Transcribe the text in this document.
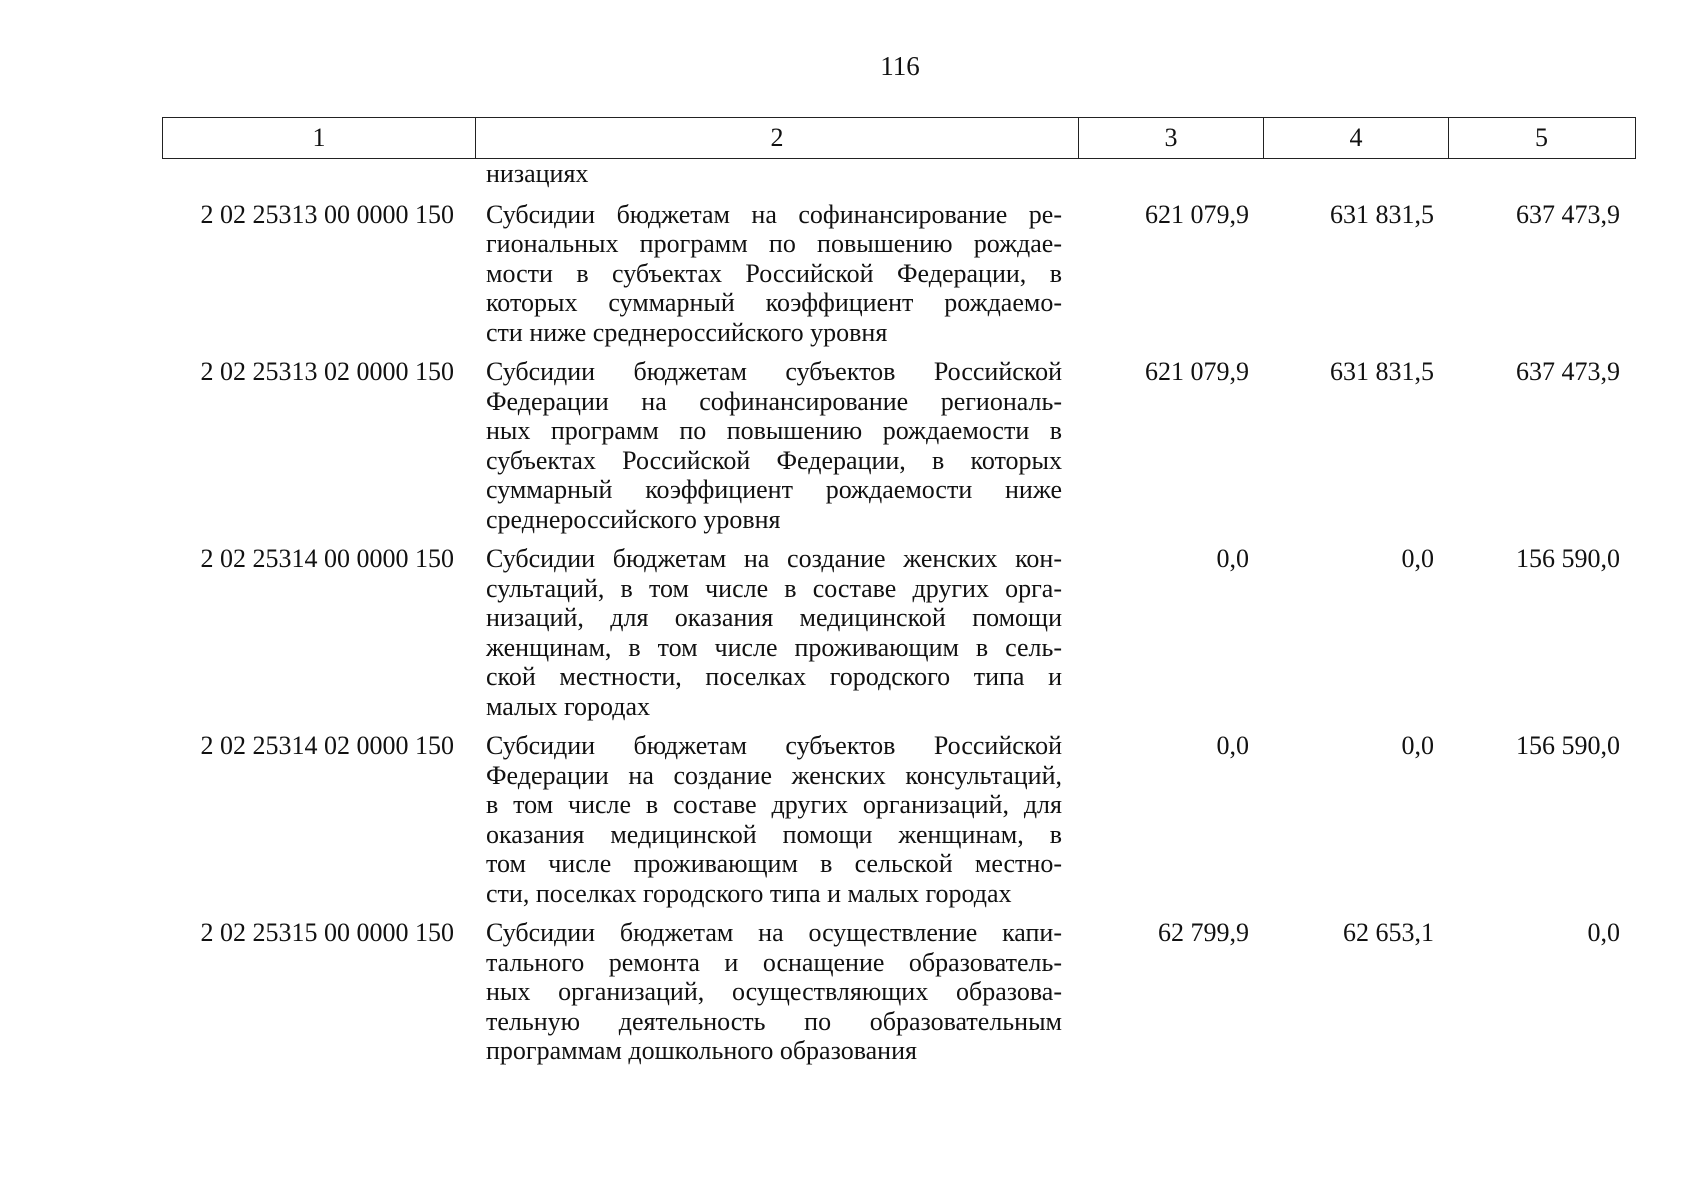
116
1	2	3	4	5
низациях
2 02 25313 00 0000 150	Субсидии бюджетам на софинансирование ре-
гиональных программ по повышению рождае-
мости в субъектах Российской Федерации, в
которых суммарный коэффициент рождаемо-
сти ниже среднероссийского уровня
621 079,9	631 831,5	637 473,9
2 02 25313 02 0000 150	Субсидии бюджетам субъектов Российской
Федерации на софинансирование региональ-
ных программ по повышению рождаемости в
субъектах Российской Федерации, в которых
суммарный коэффициент рождаемости ниже
среднероссийского уровня
621 079,9	631 831,5	637 473,9
2 02 25314 00 0000 150	Субсидии бюджетам на создание женских кон-
сультаций, в том числе в составе других орга-
низаций, для оказания медицинской помощи
женщинам, в том числе проживающим в сель-
ской местности, поселках городского типа и
малых городах
0,0	0,0	156 590,0
2 02 25314 02 0000 150	Субсидии бюджетам субъектов Российской
Федерации на создание женских консультаций,
в том числе в составе других организаций, для
оказания медицинской помощи женщинам, в
том числе проживающим в сельской местно-
сти, поселках городского типа и малых городах
0,0	0,0	156 590,0
2 02 25315 00 0000 150	Субсидии бюджетам на осуществление капи-
тального ремонта и оснащение образователь-
ных организаций, осуществляющих образова-
тельную деятельность по образовательным
программам дошкольного образования
62 799,9	62 653,1	0,0
